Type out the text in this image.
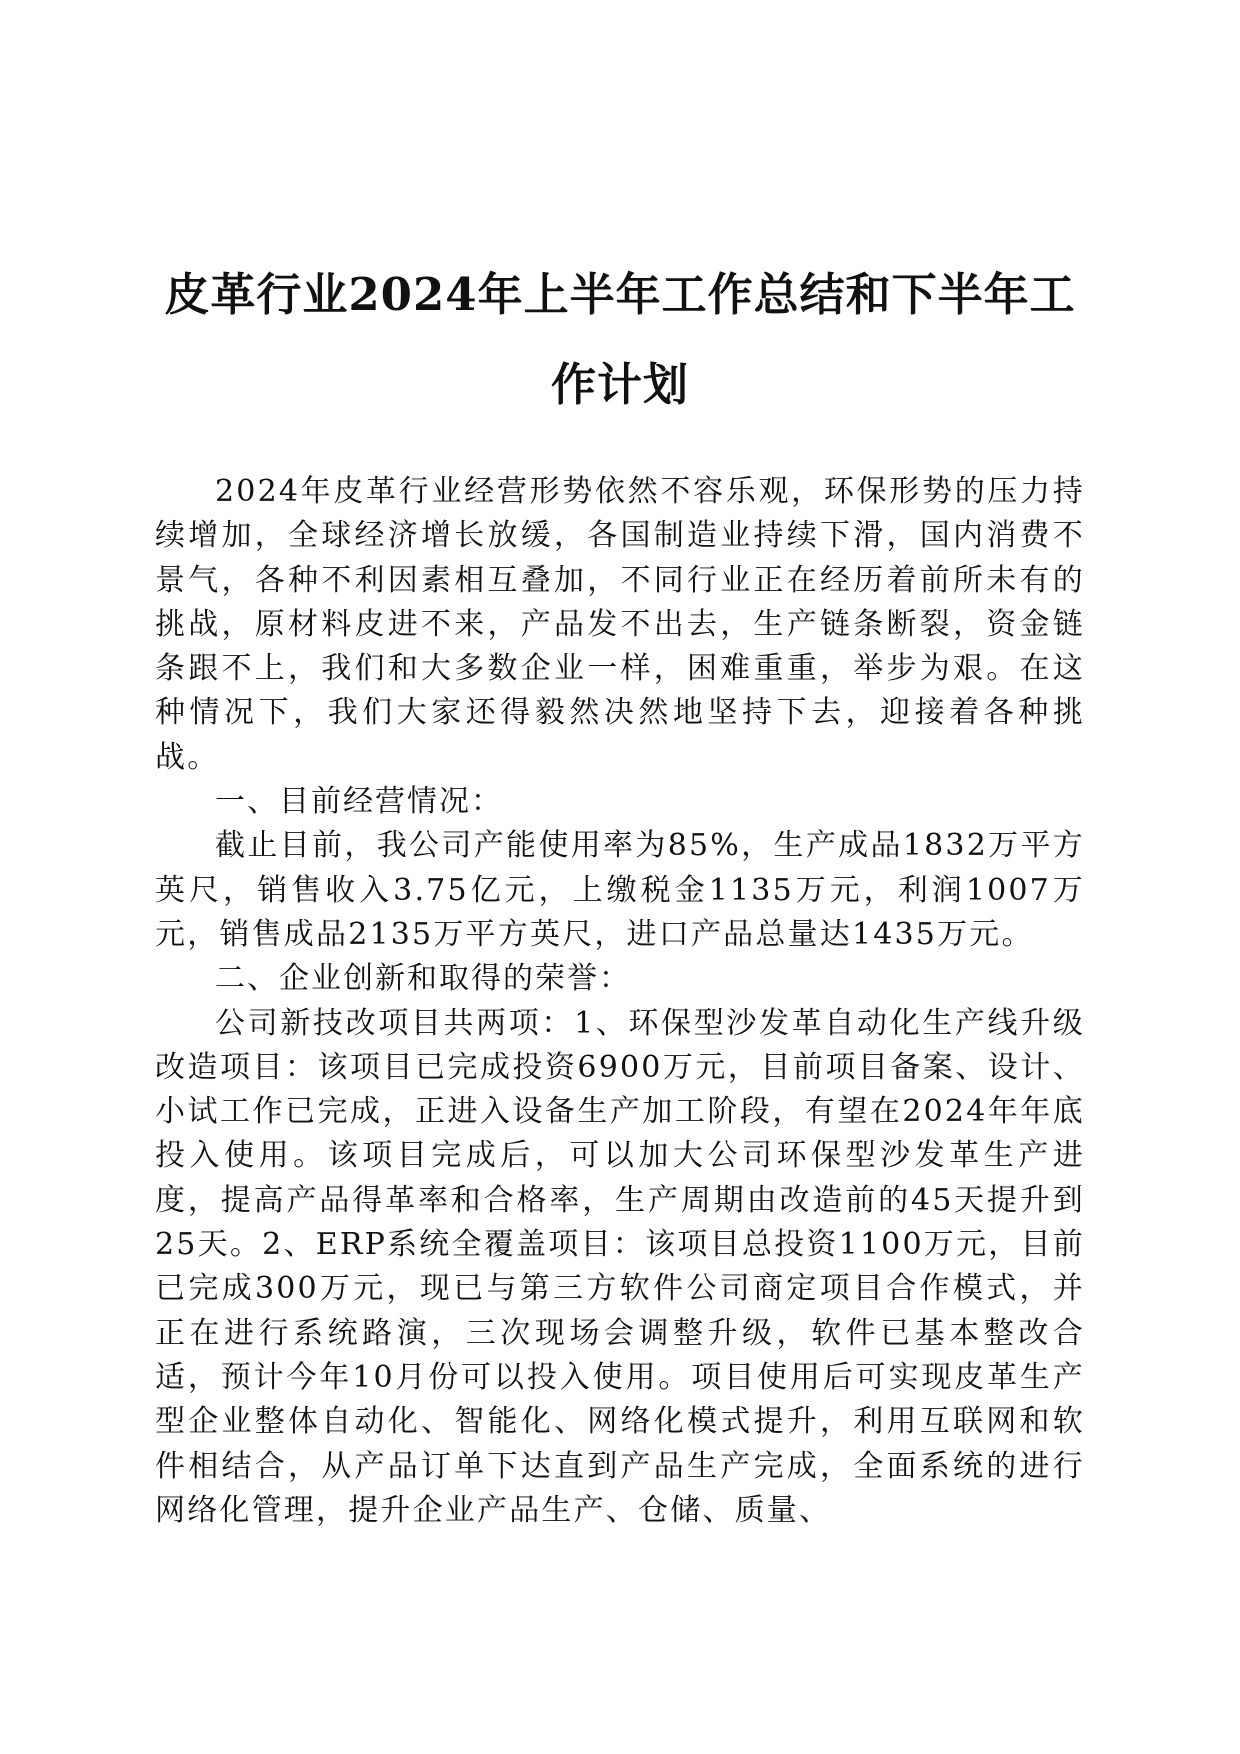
皮革行业2024年上半年工作总结和下半年工
作计划

2024年皮革行业经营形势依然不容乐观，环保形势的压力持续增加，全球经济增长放缓，各国制造业持续下滑，国内消费不景气，各种不利因素相互叠加，不同行业正在经历着前所未有的挑战，原材料皮进不来，产品发不出去，生产链条断裂，资金链条跟不上，我们和大多数企业一样，困难重重，举步为艰。在这种情况下，我们大家还得毅然决然地坚持下去，迎接着各种挑战。

一、目前经营情况：

截止目前，我公司产能使用率为85%，生产成品1832万平方英尺，销售收入3.75亿元，上缴税金1135万元，利润1007万元，销售成品2135万平方英尺，进口产品总量达1435万元。

二、企业创新和取得的荣誉：

公司新技改项目共两项：1、环保型沙发革自动化生产线升级改造项目：该项目已完成投资6900万元，目前项目备案、设计、小试工作已完成，正进入设备生产加工阶段，有望在2024年年底投入使用。该项目完成后，可以加大公司环保型沙发革生产进度，提高产品得革率和合格率，生产周期由改造前的45天提升到25天。2、ERP系统全覆盖项目：该项目总投资1100万元，目前已完成300万元，现已与第三方软件公司商定项目合作模式，并正在进行系统路演，三次现场会调整升级，软件已基本整改合适，预计今年10月份可以投入使用。项目使用后可实现皮革生产型企业整体自动化、智能化、网络化模式提升，利用互联网和软件相结合，从产品订单下达直到产品生产完成，全面系统的进行网络化管理，提升企业产品生产、仓储、质量、
